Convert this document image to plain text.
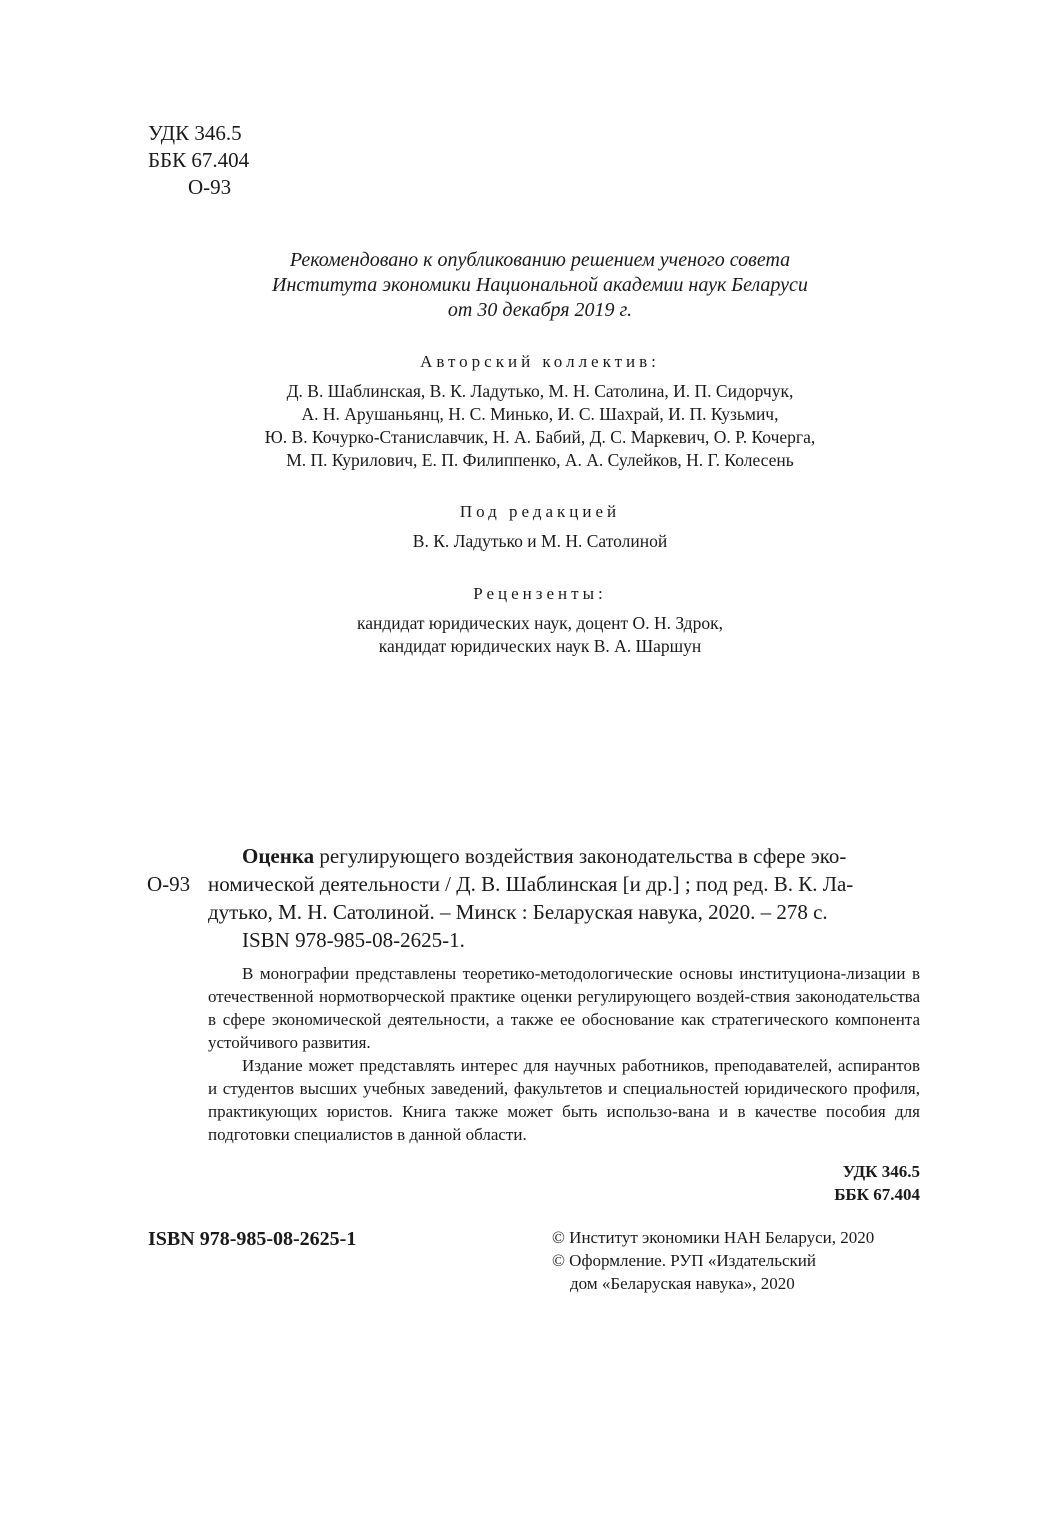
УДК 346.5
ББК 67.404
О-93
Рекомендовано к опубликованию решением ученого совета
Института экономики Национальной академии наук Беларуси
от 30 декабря 2019 г.
Авторский коллектив:
Д. В. Шаблинская, В. К. Ладутько, М. Н. Сатолина, И. П. Сидорчук,
А. Н. Арушаньянц, Н. С. Минько, И. С. Шахрай, И. П. Кузьмич,
Ю. В. Кочурко-Станиславчик, Н. А. Бабий, Д. С. Маркевич, О. Р. Кочерга,
М. П. Курилович, Е. П. Филиппенко, А. А. Сулейков, Н. Г. Колесень
Под редакцией
В. К. Ладутько и М. Н. Сатолиной
Рецензенты:
кандидат юридических наук, доцент О. Н. Здрок,
кандидат юридических наук В. А. Шаршун
О-93
Оценка регулирующего воздействия законодательства в сфере эко-
номической деятельности / Д. В. Шаблинская [и др.] ; под ред. В. К. Ла-
дутько, М. Н. Сатолиной. – Минск : Беларуская навука, 2020. – 278 с.
ISBN 978-985-08-2625-1.

В монографии представлены теоретико-методологические основы институциона-лизации в отечественной нормотворческой практике оценки регулирующего воздей-ствия законодательства в сфере экономической деятельности, а также ее обоснование как стратегического компонента устойчивого развития.

Издание может представлять интерес для научных работников, преподавателей, аспирантов и студентов высших учебных заведений, факультетов и специальностей юридического профиля, практикующих юристов. Книга также может быть использо-вана и в качестве пособия для подготовки специалистов в данной области.

УДК 346.5
ББК 67.404
ISBN 978-985-08-2625-1	© Институт экономики НАН Беларуси, 2020
© Оформление. РУП «Издательский
дом «Беларуская навука», 2020
